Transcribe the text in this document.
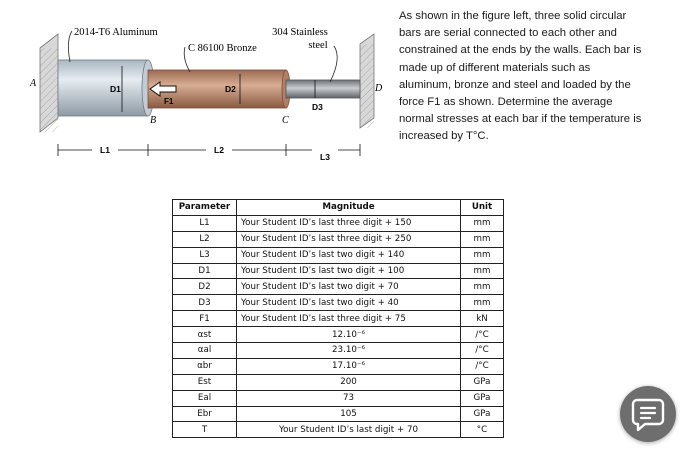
2014-T6 Aluminum
C 86100 Bronze
304 Stainless
steel
A	D
B	C
D1	D2
D3
F1
L1	L2
L3
As shown in the figure left, three solid circular bars are serial connected to each other and constrained at the ends by the walls. Each bar is made up of different materials such as aluminum, bronze and steel and loaded by the force F1 as shown. Determine the average normal stresses at each bar if the temperature is increased by T°C.
Parameter	Magnitude	Unit
L1	Your Student ID’s last three digit + 150	mm
L2	Your Student ID’s last three digit + 250	mm
L3	Your Student ID’s last two digit + 140	mm
D1	Your Student ID’s last two digit + 100	mm
D2	Your Student ID’s last two digit + 70	mm
D3	Your Student ID’s last two digit + 40	mm
F1	Your Student ID’s last three digit + 75	kN
αst	12.10⁻⁶	/°C
αal	23.10⁻⁶	/°C
αbr	17.10⁻⁶	/°C
Est	200	GPa
Eal	73	GPa
Ebr	105	GPa
T	Your Student ID’s last digit + 70	°C
